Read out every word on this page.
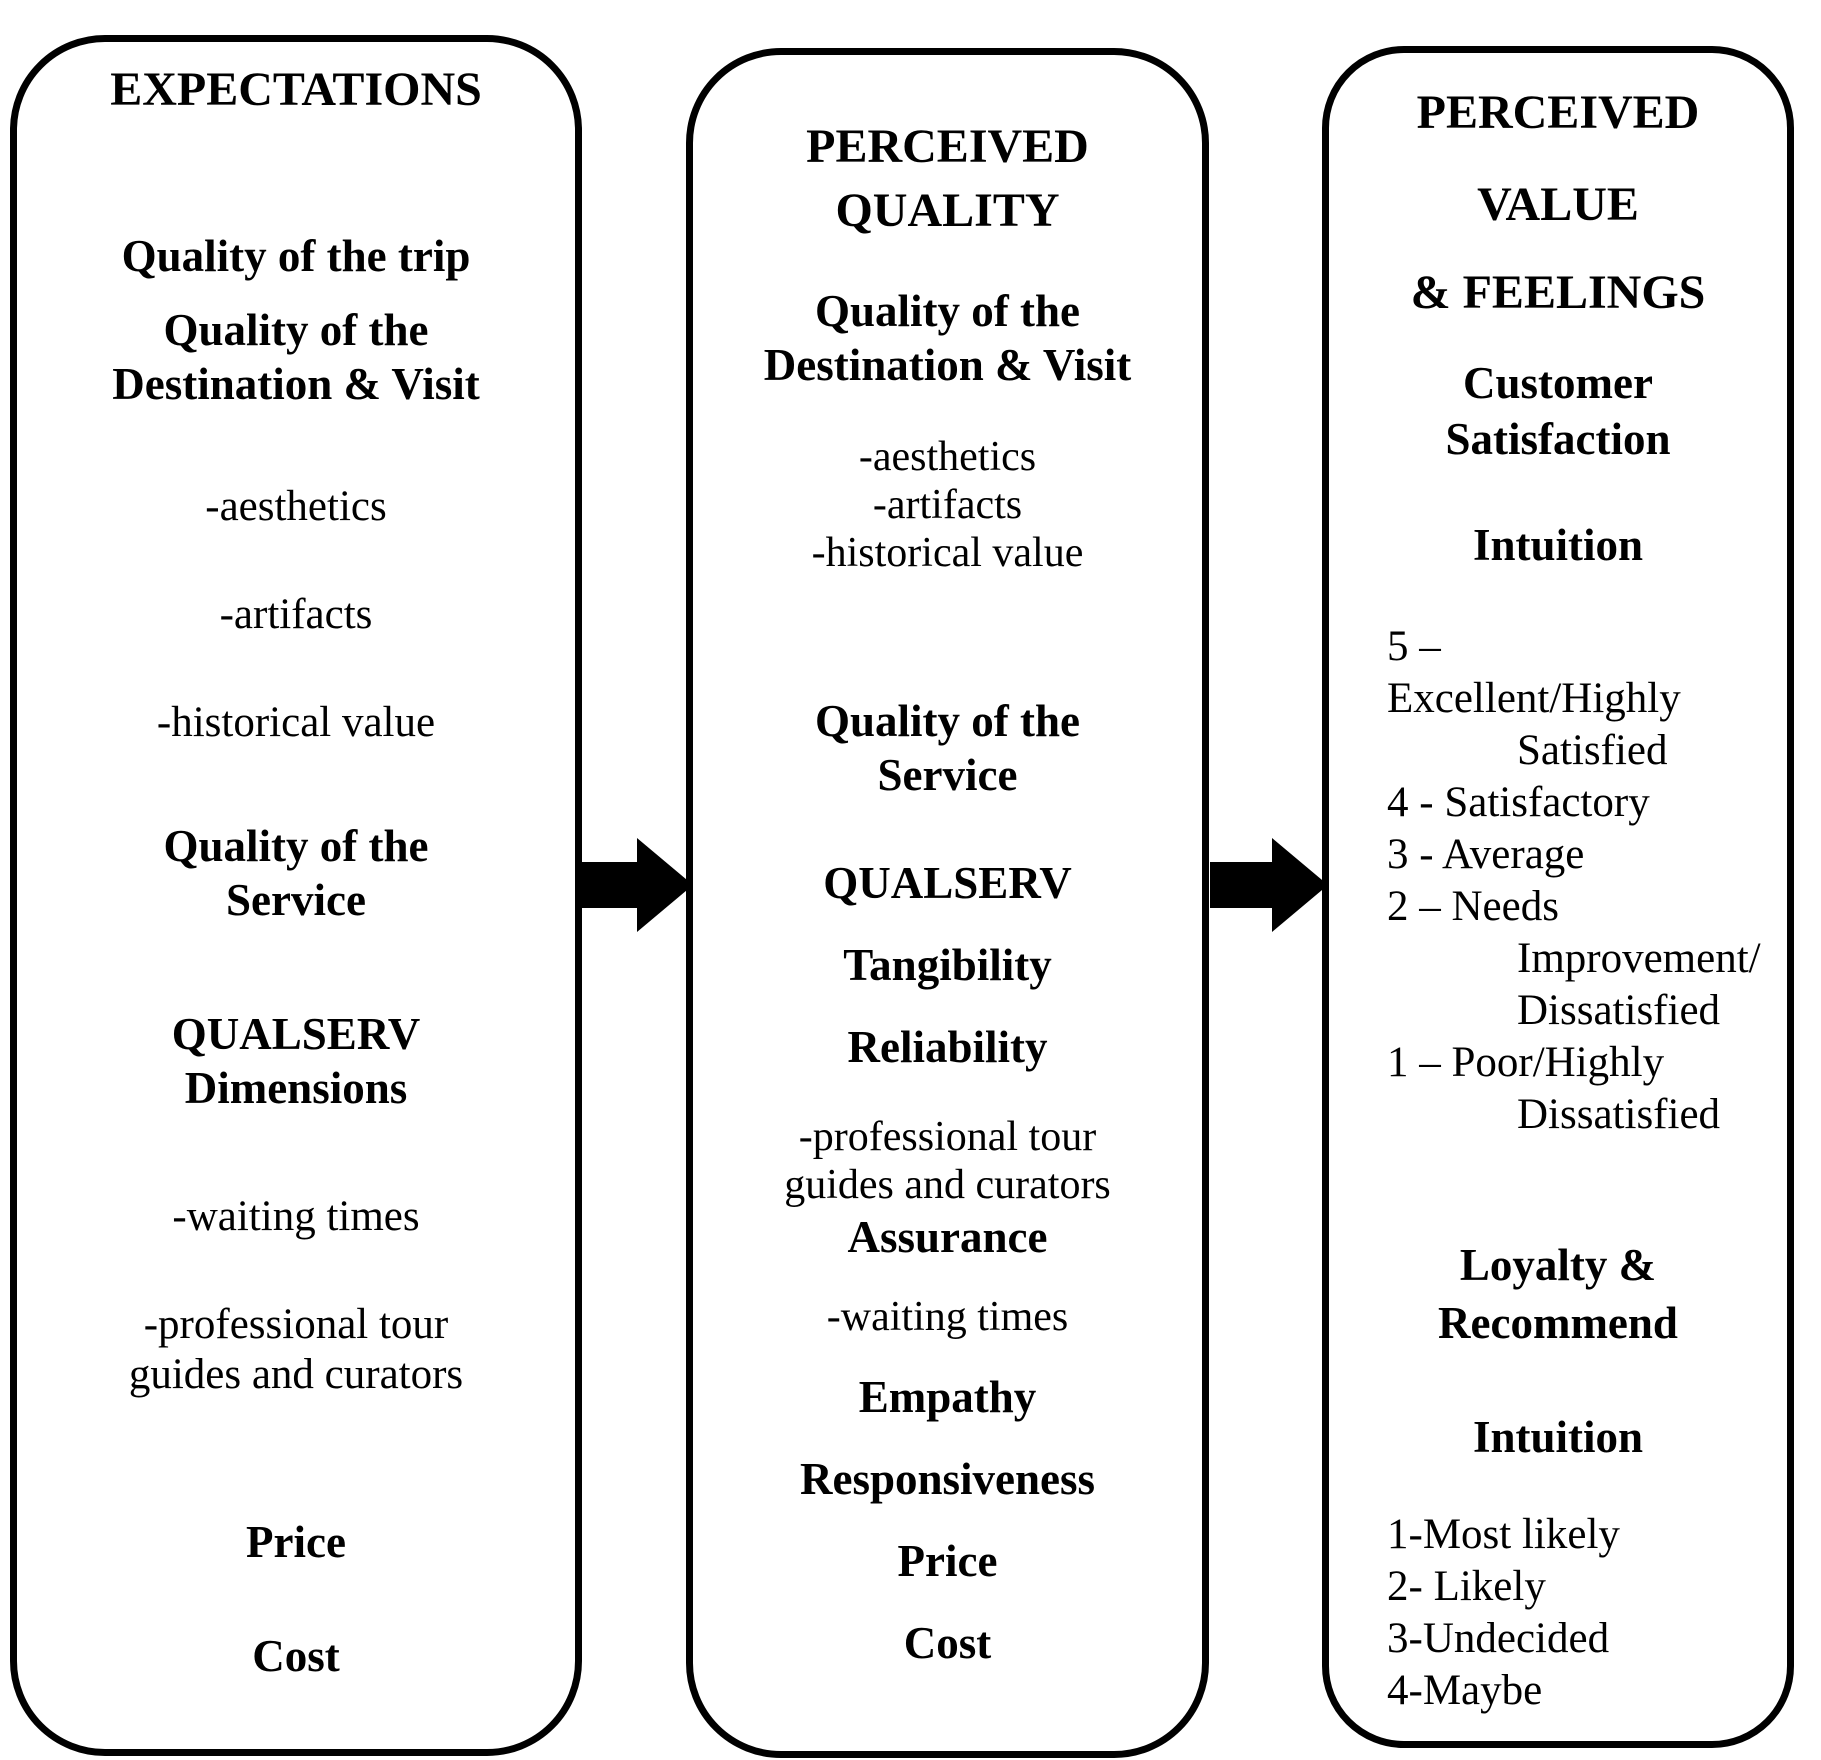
EXPECTATIONS
Quality of the trip
Quality of the
Destination & Visit
-aesthetics
-artifacts
-historical value
Quality of the
Service
QUALSERV
Dimensions
-waiting times
-professional tour
guides and curators
Price
Cost
PERCEIVED
QUALITY
Quality of the
Destination & Visit
-aesthetics
-artifacts
-historical value
Quality of the
Service
QUALSERV
Tangibility
Reliability
-professional tour
guides and curators
Assurance
-waiting times
Empathy
Responsiveness
Price
Cost
PERCEIVED
VALUE
& FEELINGS
Customer
Satisfaction
Intuition
5 –
Excellent/Highly
Satisfied
4 - Satisfactory
3 - Average
2 – Needs
Improvement/
Dissatisfied
1 – Poor/Highly
Dissatisfied
Loyalty &
Recommend
Intuition
1-Most likely
2- Likely
3-Undecided
4-Maybe
